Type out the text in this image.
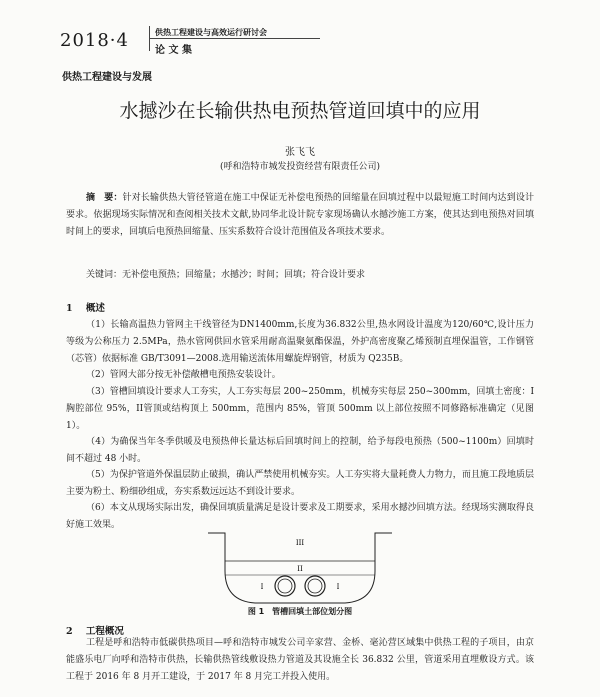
2018·4	供热工程建设与高效运行研讨会
论 文 集
供热工程建设与发展
水撼沙在长输供热电预热管道回填中的应用
张飞飞
(呼和浩特市城发投资经营有限责任公司)
摘　要：针对长输供热大管径管道在施工中保证无补偿电预热的回缩量在回填过程中以最短施工时间内达到设计要求。依据现场实际情况和查阅相关技术文献,协同华北设计院专家现场确认水撼沙施工方案，使其达到电预热对回填时间上的要求，回填后电预热回缩量、压实系数符合设计范围值及各项技术要求。
关键词：无补偿电预热；回缩量；水撼沙；时间；回填；符合设计要求
1 概述
（1）长输高温热力管网主干线管径为DN1400mm,长度为36.832公里,热水网设计温度为120/60℃,设计压力等级为公称压力 2.5MPa，热水管网供回水管采用耐高温聚氨酯保温，外护高密度聚乙烯预制直埋保温管，工作钢管（芯管）依据标准 GB/T3091—2008.选用输送流体用螺旋焊钢管，材质为 Q235B。
（2）管网大部分按无补偿敞槽电预热安装设计。
（3）管槽回填设计要求人工夯实，人工夯实每层 200~250mm，机械夯实每层 250~300mm，回填土密度：I胸腔部位 95%，II管顶或结构顶上 500mm，范围内 85%，管顶 500mm 以上部位按照不同修路标准确定（见图 1）。
（4）为确保当年冬季供暖及电预热伸长量达标后回填时间上的控制，给予每段电预热（500~1100m）回填时间不超过 48 小时。
（5）为保护管道外保温层防止破损，确认严禁使用机械夯实。人工夯实将大量耗费人力物力，而且施工段地质层主要为粉土、粉细砂组成，夯实系数远远达不到设计要求。
（6）本文从现场实际出发，确保回填质量满足是设计要求及工期要求，采用水撼沙回填方法。经现场实测取得良好施工效果。
III
II
I	I
图 1　管槽回填土部位划分图
2 工程概况
工程是呼和浩特市低碳供热项目—呼和浩特市城发公司辛家营、金桥、毫沁营区域集中供热工程的子项目，由京能盛乐电厂向呼和浩特市供热，长输供热管线敷设热力管道及其设施全长 36.832 公里，管道采用直埋敷设方式。该工程于 2016 年 8 月开工建设，于 2017 年 8 月完工并投入使用。
